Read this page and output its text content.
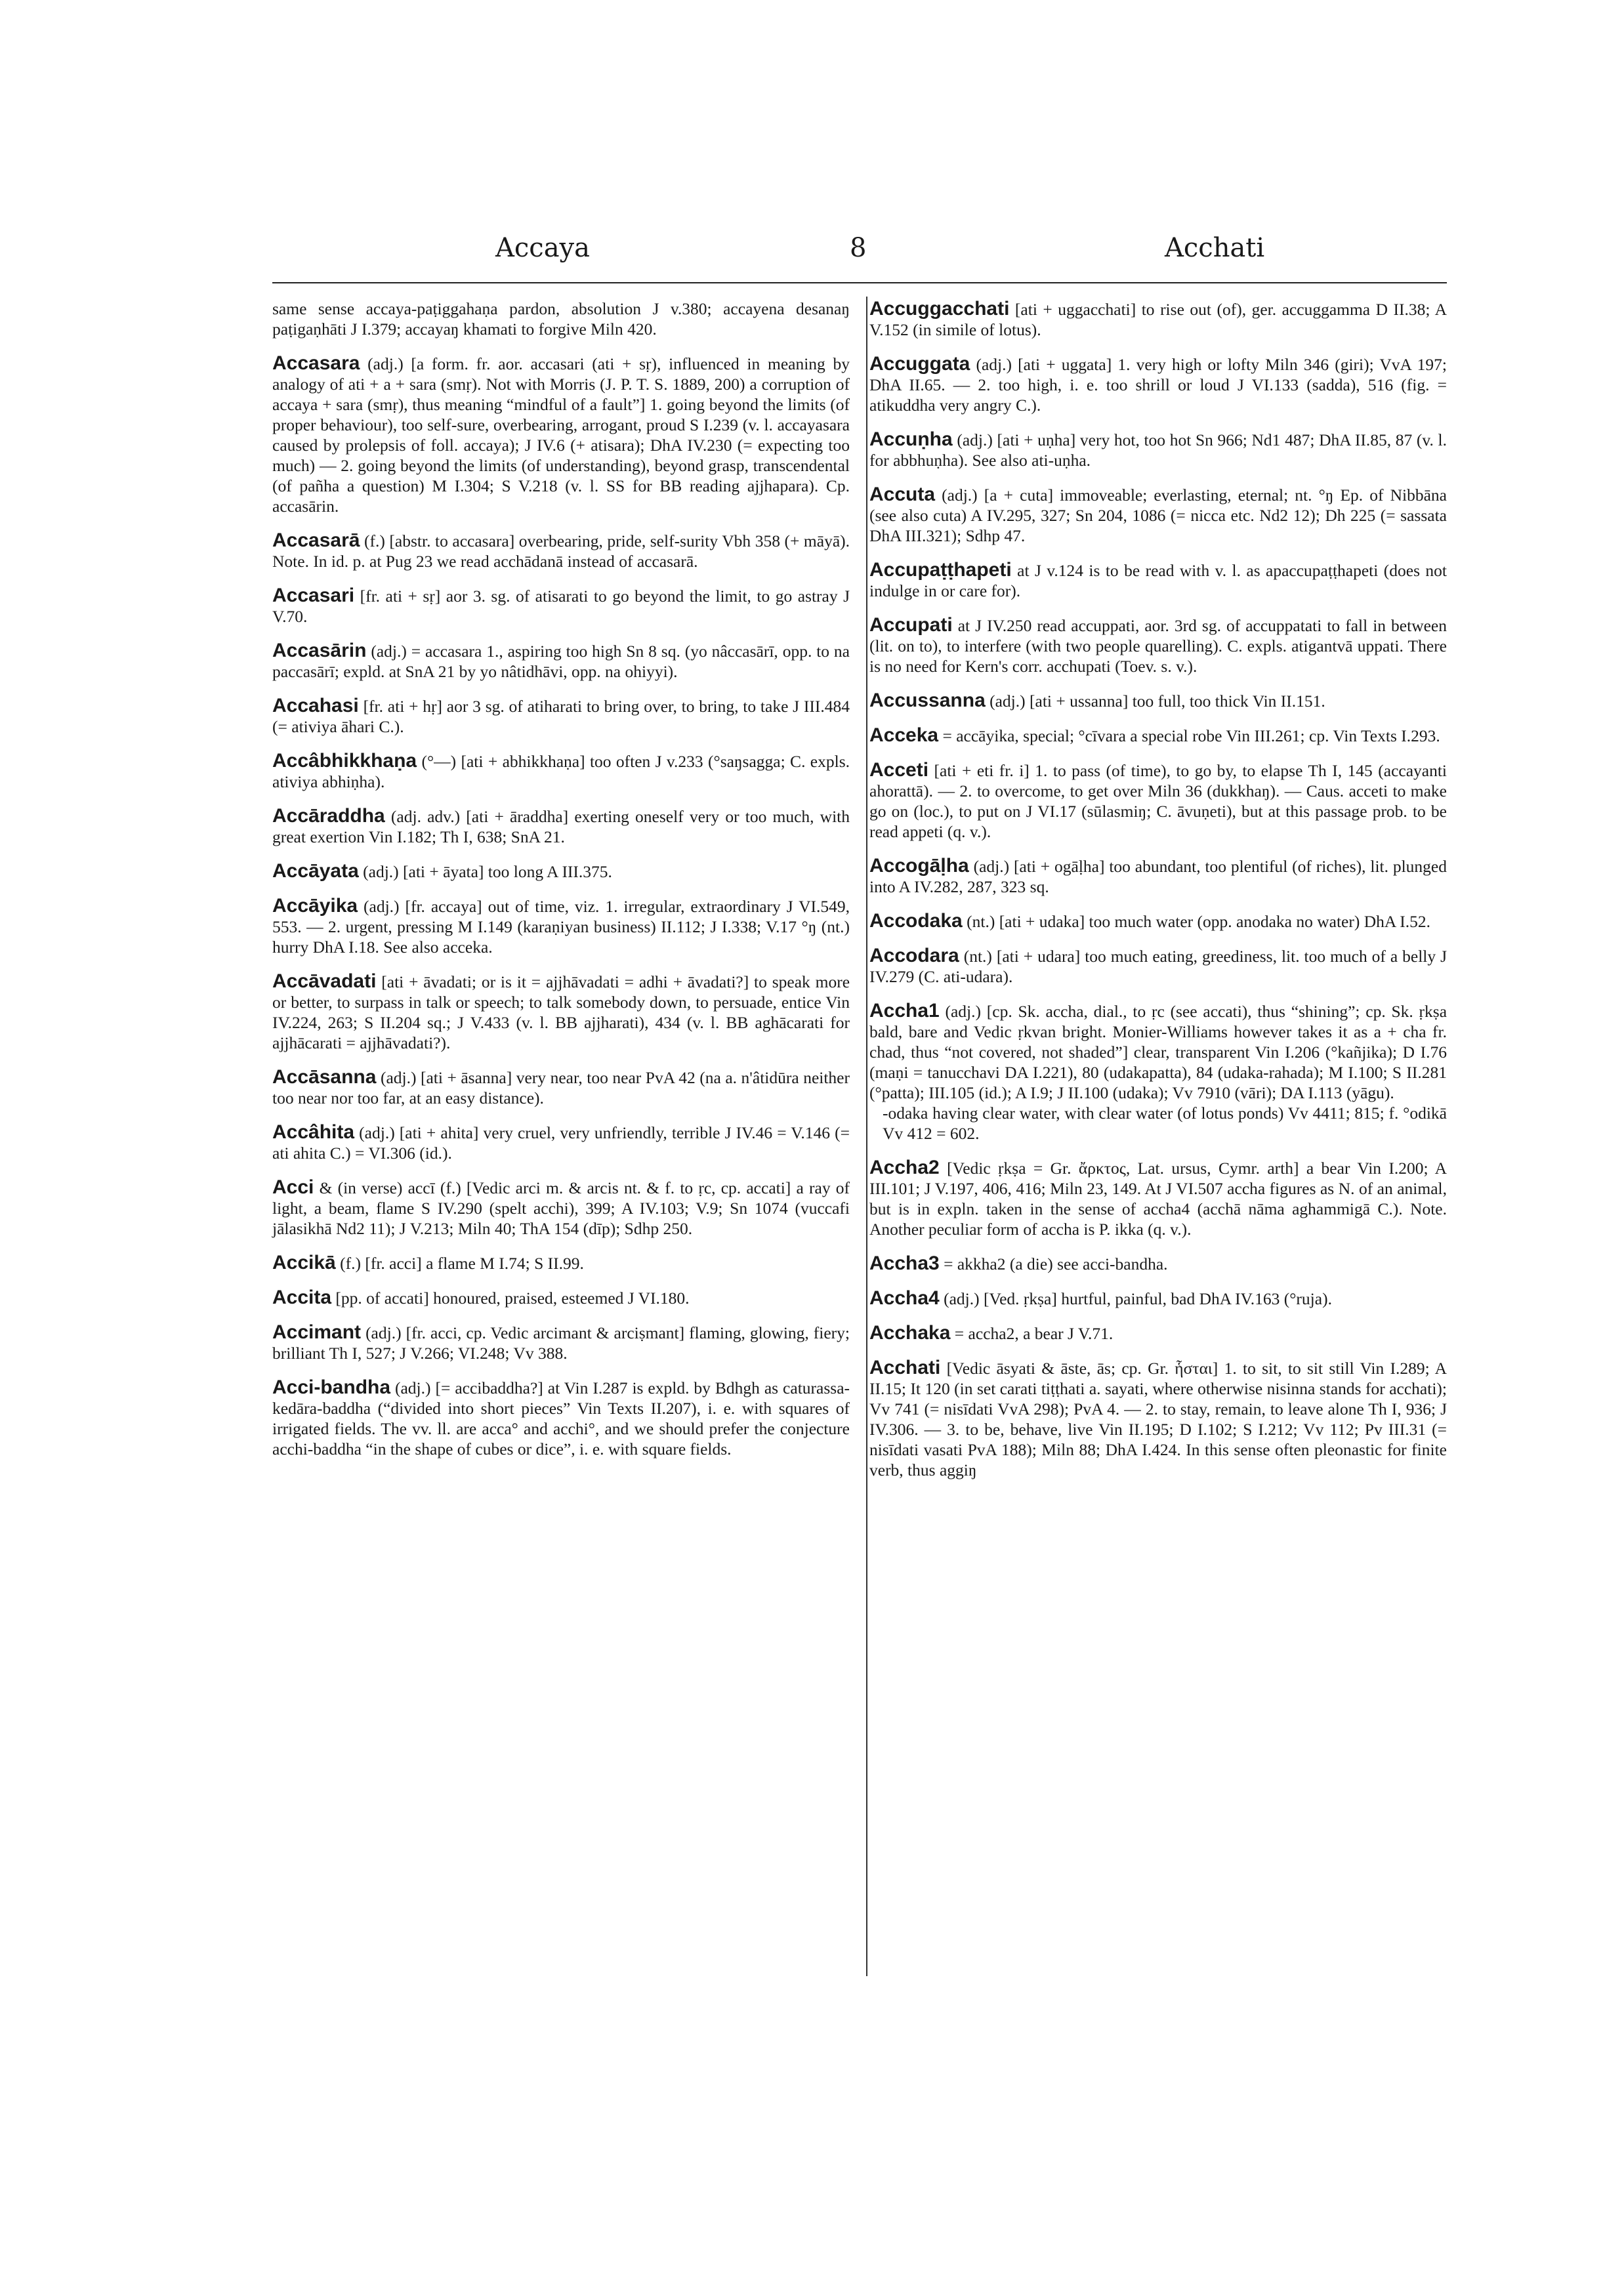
Accaya	8	Acchati
same sense accaya-paṭiggahaṇa pardon, absolution J v.380; accayena desanaŋ paṭigaṇhāti J I.379; accayaŋ khamati to forgive Miln 420.
Accasara (adj.) [a form. fr. aor. accasari (ati + sṛ), influenced in meaning by analogy of ati + a + sara (smṛ). Not with Morris (J. P. T. S. 1889, 200) a corruption of accaya + sara (smṛ), thus meaning “mindful of a fault”] 1. going beyond the limits (of proper behaviour), too self-sure, overbearing, arrogant, proud S I.239 (v. l. accayasara caused by prolepsis of foll. accaya); J IV.6 (+ atisara); DhA IV.230 (= expecting too much) — 2. going beyond the limits (of understanding), beyond grasp, transcendental (of pañha a question) M I.304; S V.218 (v. l. SS for BB reading ajjhapara). Cp. accasārin.
Accasarā (f.) [abstr. to accasara] overbearing, pride, self-surity Vbh 358 (+ māyā). Note. In id. p. at Pug 23 we read acchādanā instead of accasarā.
Accasari [fr. ati + sṛ] aor 3. sg. of atisarati to go beyond the limit, to go astray J V.70.
Accasārin (adj.) = accasara 1., aspiring too high Sn 8 sq. (yo nâccasārī, opp. to na paccasārī; expld. at SnA 21 by yo nâtidhāvi, opp. na ohiyyi).
Accahasi [fr. ati + hṛ] aor 3 sg. of atiharati to bring over, to bring, to take J III.484 (= ativiya āhari C.).
Accâbhikkhaṇa (°—) [ati + abhikkhaṇa] too often J v.233 (°saŋsagga; C. expls. ativiya abhiṇha).
Accāraddha (adj. adv.) [ati + āraddha] exerting oneself very or too much, with great exertion Vin I.182; Th I, 638; SnA 21.
Accāyata (adj.) [ati + āyata] too long A III.375.
Accāyika (adj.) [fr. accaya] out of time, viz. 1. irregular, extraordinary J VI.549, 553. — 2. urgent, pressing M I.149 (karaṇiyan business) II.112; J I.338; V.17 °ŋ (nt.) hurry DhA I.18. See also acceka.
Accāvadati [ati + āvadati; or is it = ajjhāvadati = adhi + āvadati?] to speak more or better, to surpass in talk or speech; to talk somebody down, to persuade, entice Vin IV.224, 263; S II.204 sq.; J V.433 (v. l. BB ajjharati), 434 (v. l. BB aghācarati for ajjhācarati = ajjhāvadati?).
Accāsanna (adj.) [ati + āsanna] very near, too near PvA 42 (na a. n'âtidūra neither too near nor too far, at an easy distance).
Accâhita (adj.) [ati + ahita] very cruel, very unfriendly, terrible J IV.46 = V.146 (= ati ahita C.) = VI.306 (id.).
Acci & (in verse) accī (f.) [Vedic arci m. & arcis nt. & f. to ṛc, cp. accati] a ray of light, a beam, flame S IV.290 (spelt acchi), 399; A IV.103; V.9; Sn 1074 (vuccafi jālasikhā Nd2 11); J V.213; Miln 40; ThA 154 (dīp); Sdhp 250.
Accikā (f.) [fr. acci] a flame M I.74; S II.99.
Accita [pp. of accati] honoured, praised, esteemed J VI.180.
Accimant (adj.) [fr. acci, cp. Vedic arcimant & arciṣmant] flaming, glowing, fiery; brilliant Th I, 527; J V.266; VI.248; Vv 388.
Acci-bandha (adj.) [= accibaddha?] at Vin I.287 is expld. by Bdhgh as caturassa-kedāra-baddha (“divided into short pieces” Vin Texts II.207), i. e. with squares of irrigated fields. The vv. ll. are acca° and acchi°, and we should prefer the conjecture acchi-baddha “in the shape of cubes or dice”, i. e. with square fields.
Accuggacchati [ati + uggacchati] to rise out (of), ger. accuggamma D II.38; A V.152 (in simile of lotus).
Accuggata (adj.) [ati + uggata] 1. very high or lofty Miln 346 (giri); VvA 197; DhA II.65. — 2. too high, i. e. too shrill or loud J VI.133 (sadda), 516 (fig. = atikuddha very angry C.).
Accuṇha (adj.) [ati + uṇha] very hot, too hot Sn 966; Nd1 487; DhA II.85, 87 (v. l. for abbhuṇha). See also ati-uṇha.
Accuta (adj.) [a + cuta] immoveable; everlasting, eternal; nt. °ŋ Ep. of Nibbāna (see also cuta) A IV.295, 327; Sn 204, 1086 (= nicca etc. Nd2 12); Dh 225 (= sassata DhA III.321); Sdhp 47.
Accupaṭṭhapeti at J v.124 is to be read with v. l. as apaccupaṭṭhapeti (does not indulge in or care for).
Accupati at J IV.250 read accuppati, aor. 3rd sg. of accuppatati to fall in between (lit. on to), to interfere (with two people quarelling). C. expls. atigantvā uppati. There is no need for Kern's corr. acchupati (Toev. s. v.).
Accussanna (adj.) [ati + ussanna] too full, too thick Vin II.151.
Acceka = accāyika, special; °cīvara a special robe Vin III.261; cp. Vin Texts I.293.
Acceti [ati + eti fr. i] 1. to pass (of time), to go by, to elapse Th I, 145 (accayanti ahorattā). — 2. to overcome, to get over Miln 36 (dukkhaŋ). — Caus. acceti to make go on (loc.), to put on J VI.17 (sūlasmiŋ; C. āvuṇeti), but at this passage prob. to be read appeti (q. v.).
Accogāḷha (adj.) [ati + ogāḷha] too abundant, too plentiful (of riches), lit. plunged into A IV.282, 287, 323 sq.
Accodaka (nt.) [ati + udaka] too much water (opp. anodaka no water) DhA I.52.
Accodara (nt.) [ati + udara] too much eating, greediness, lit. too much of a belly J IV.279 (C. ati-udara).
Accha1 (adj.) [cp. Sk. accha, dial., to ṛc (see accati), thus “shining”; cp. Sk. ṛkṣa bald, bare and Vedic ṛkvan bright. Monier-Williams however takes it as a + cha fr. chad, thus “not covered, not shaded”] clear, transparent Vin I.206 (°kañjika); D I.76 (maṇi = tanucchavi DA I.221), 80 (udakapatta), 84 (udaka-rahada); M I.100; S II.281 (°patta); III.105 (id.); A I.9; J II.100 (udaka); Vv 7910 (vāri); DA I.113 (yāgu).
-odaka having clear water, with clear water (of lotus ponds) Vv 4411; 815; f. °odikā Vv 412 = 602.
Accha2 [Vedic ṛkṣa = Gr. ἄρκτος, Lat. ursus, Cymr. arth] a bear Vin I.200; A III.101; J V.197, 406, 416; Miln 23, 149. At J VI.507 accha figures as N. of an animal, but is in expln. taken in the sense of accha4 (acchā nāma aghammigā C.). Note. Another peculiar form of accha is P. ikka (q. v.).
Accha3 = akkha2 (a die) see acci-bandha.
Accha4 (adj.) [Ved. ṛkṣa] hurtful, painful, bad DhA IV.163 (°ruja).
Acchaka = accha2, a bear J V.71.
Acchati [Vedic āsyati & āste, ās; cp. Gr. ἧσται] 1. to sit, to sit still Vin I.289; A II.15; It 120 (in set carati tiṭṭhati a. sayati, where otherwise nisinna stands for acchati); Vv 741 (= nisīdati VvA 298); PvA 4. — 2. to stay, remain, to leave alone Th I, 936; J IV.306. — 3. to be, behave, live Vin II.195; D I.102; S I.212; Vv 112; Pv III.31 (= nisīdati vasati PvA 188); Miln 88; DhA I.424. In this sense often pleonastic for finite verb, thus aggiŋ
